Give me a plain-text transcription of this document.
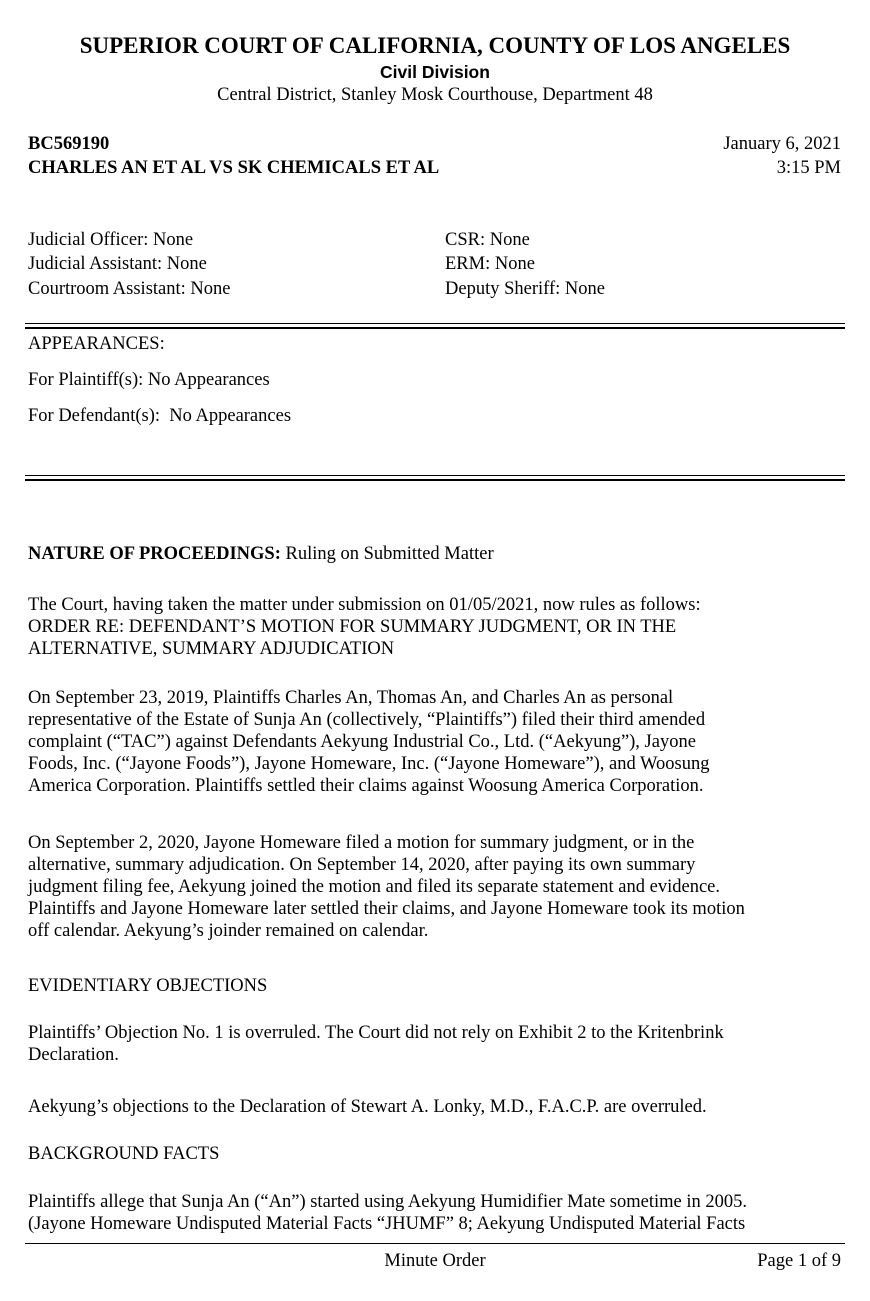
SUPERIOR COURT OF CALIFORNIA, COUNTY OF LOS ANGELES
Civil Division
Central District, Stanley Mosk Courthouse, Department 48
BC569190
CHARLES AN ET AL VS SK CHEMICALS ET AL
January 6, 2021
3:15 PM
Judicial Officer: None
Judicial Assistant: None
Courtroom Assistant: None
CSR: None
ERM: None
Deputy Sheriff: None
APPEARANCES:
For Plaintiff(s): No Appearances
For Defendant(s):  No Appearances
NATURE OF PROCEEDINGS: Ruling on Submitted Matter
The Court, having taken the matter under submission on 01/05/2021, now rules as follows:
ORDER RE: DEFENDANT’S MOTION FOR SUMMARY JUDGMENT, OR IN THE
ALTERNATIVE, SUMMARY ADJUDICATION
On September 23, 2019, Plaintiffs Charles An, Thomas An, and Charles An as personal
representative of the Estate of Sunja An (collectively, “Plaintiffs”) filed their third amended
complaint (“TAC”) against Defendants Aekyung Industrial Co., Ltd. (“Aekyung”), Jayone
Foods, Inc. (“Jayone Foods”), Jayone Homeware, Inc. (“Jayone Homeware”), and Woosung
America Corporation. Plaintiffs settled their claims against Woosung America Corporation.
On September 2, 2020, Jayone Homeware filed a motion for summary judgment, or in the
alternative, summary adjudication. On September 14, 2020, after paying its own summary
judgment filing fee, Aekyung joined the motion and filed its separate statement and evidence.
Plaintiffs and Jayone Homeware later settled their claims, and Jayone Homeware took its motion
off calendar. Aekyung’s joinder remained on calendar.
EVIDENTIARY OBJECTIONS
Plaintiffs’ Objection No. 1 is overruled. The Court did not rely on Exhibit 2 to the Kritenbrink
Declaration.
Aekyung’s objections to the Declaration of Stewart A. Lonky, M.D., F.A.C.P. are overruled.
BACKGROUND FACTS
Plaintiffs allege that Sunja An (“An”) started using Aekyung Humidifier Mate sometime in 2005.
(Jayone Homeware Undisputed Material Facts “JHUMF” 8; Aekyung Undisputed Material Facts
Minute Order	Page 1 of 9
